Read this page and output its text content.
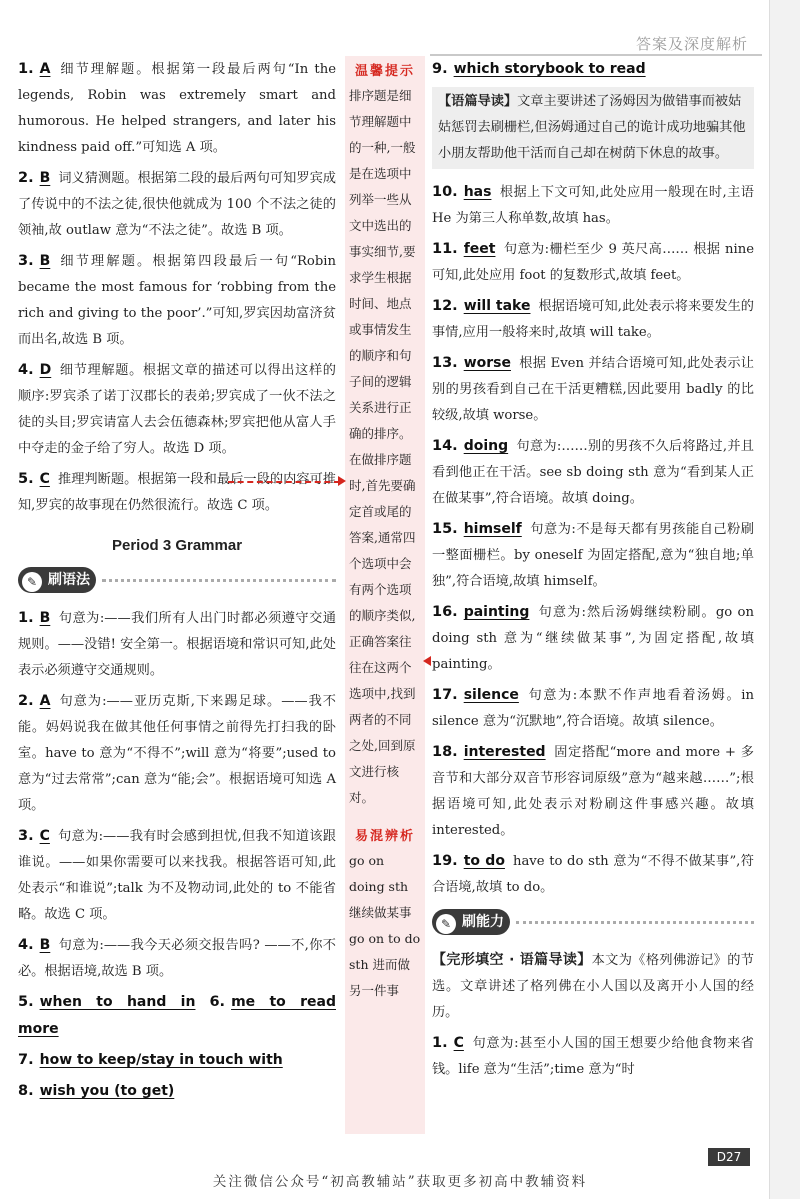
答案及深度解析
1. A 细节理解题。根据第一段最后两句“In the legends, Robin was extremely smart and humorous. He helped strangers, and later his kindness paid off.”可知选 A 项。
2. B 词义猜测题。根据第二段的最后两句可知罗宾成了传说中的不法之徒,很快他就成为 100 个不法之徒的领袖,故 outlaw 意为“不法之徒”。故选 B 项。
3. B 细节理解题。根据第四段最后一句“Robin became the most famous for ‘robbing from the rich and giving to the poor’.”可知,罗宾因劫富济贫而出名,故选 B 项。
4. D 细节理解题。根据文章的描述可以得出这样的顺序:罗宾杀了诺丁汉郡长的表弟;罗宾成了一伙不法之徒的头目;罗宾请富人去会伍德森林;罗宾把他从富人手中夺走的金子给了穷人。故选 D 项。
5. C 推理判断题。根据第一段和最后一段的内容可推知,罗宾的故事现在仍然很流行。故选 C 项。
Period 3 Grammar
✎ 刷语法
1. B 句意为:——我们所有人出门时都必须遵守交通规则。——没错! 安全第一。根据语境和常识可知,此处表示必须遵守交通规则。
2. A 句意为:——亚历克斯,下来踢足球。——我不能。妈妈说我在做其他任何事情之前得先打扫我的卧室。have to 意为“不得不”;will 意为“将要”;used to 意为“过去常常”;can 意为“能;会”。根据语境可知选 A 项。
3. C 句意为:——我有时会感到担忧,但我不知道该跟谁说。——如果你需要可以来找我。根据答语可知,此处表示“和谁说”;talk 为不及物动词,此处的 to 不能省略。故选 C 项。
4. B 句意为:——我今天必须交报告吗? ——不,你不必。根据语境,故选 B 项。
5. when to hand in 6. me to read more
7. how to keep/stay in touch with
8. wish you (to get)
温馨提示
排序题是细节理解题中的一种,一般是在选项中列举一些从文中选出的事实细节,要求学生根据时间、地点或事情发生的顺序和句子间的逻辑关系进行正确的排序。在做排序题时,首先要确定首或尾的答案,通常四个选项中会有两个选项的顺序类似,正确答案往往在这两个选项中,找到两者的不同之处,回到原文进行核对。
易混辨析
go on doing sth 继续做某事 go on to do sth 进而做另一件事
9. which storybook to read
【语篇导读】文章主要讲述了汤姆因为做错事而被姑姑惩罚去刷栅栏,但汤姆通过自己的诡计成功地骗其他小朋友帮助他干活而自己却在树荫下休息的故事。
10. has 根据上下文可知,此处应用一般现在时,主语 He 为第三人称单数,故填 has。
11. feet 句意为:栅栏至少 9 英尺高…… 根据 nine 可知,此处应用 foot 的复数形式,故填 feet。
12. will take 根据语境可知,此处表示将来要发生的事情,应用一般将来时,故填 will take。
13. worse 根据 Even 并结合语境可知,此处表示让别的男孩看到自己在干活更糟糕,因此要用 badly 的比较级,故填 worse。
14. doing 句意为:……别的男孩不久后将路过,并且看到他正在干活。see sb doing sth 意为“看到某人正在做某事”,符合语境。故填 doing。
15. himself 句意为:不是每天都有男孩能自己粉刷一整面栅栏。by oneself 为固定搭配,意为“独自地;单独”,符合语境,故填 himself。
16. painting 句意为:然后汤姆继续粉刷。go on doing sth 意为“继续做某事”,为固定搭配,故填 painting。
17. silence 句意为:本默不作声地看着汤姆。in silence 意为“沉默地”,符合语境。故填 silence。
18. interested 固定搭配“more and more + 多音节和大部分双音节形容词原级”意为“越来越……”;根据语境可知,此处表示对粉刷这件事感兴趣。故填 interested。
19. to do have to do sth 意为“不得不做某事”,符合语境,故填 to do。
✎ 刷能力
【完形填空 · 语篇导读】本文为《格列佛游记》的节选。文章讲述了格列佛在小人国以及离开小人国的经历。
1. C 句意为:甚至小人国的国王想要少给他食物来省钱。life 意为“生活”;time 意为“时
D27
关注微信公众号“初高教辅站”获取更多初高中教辅资料
